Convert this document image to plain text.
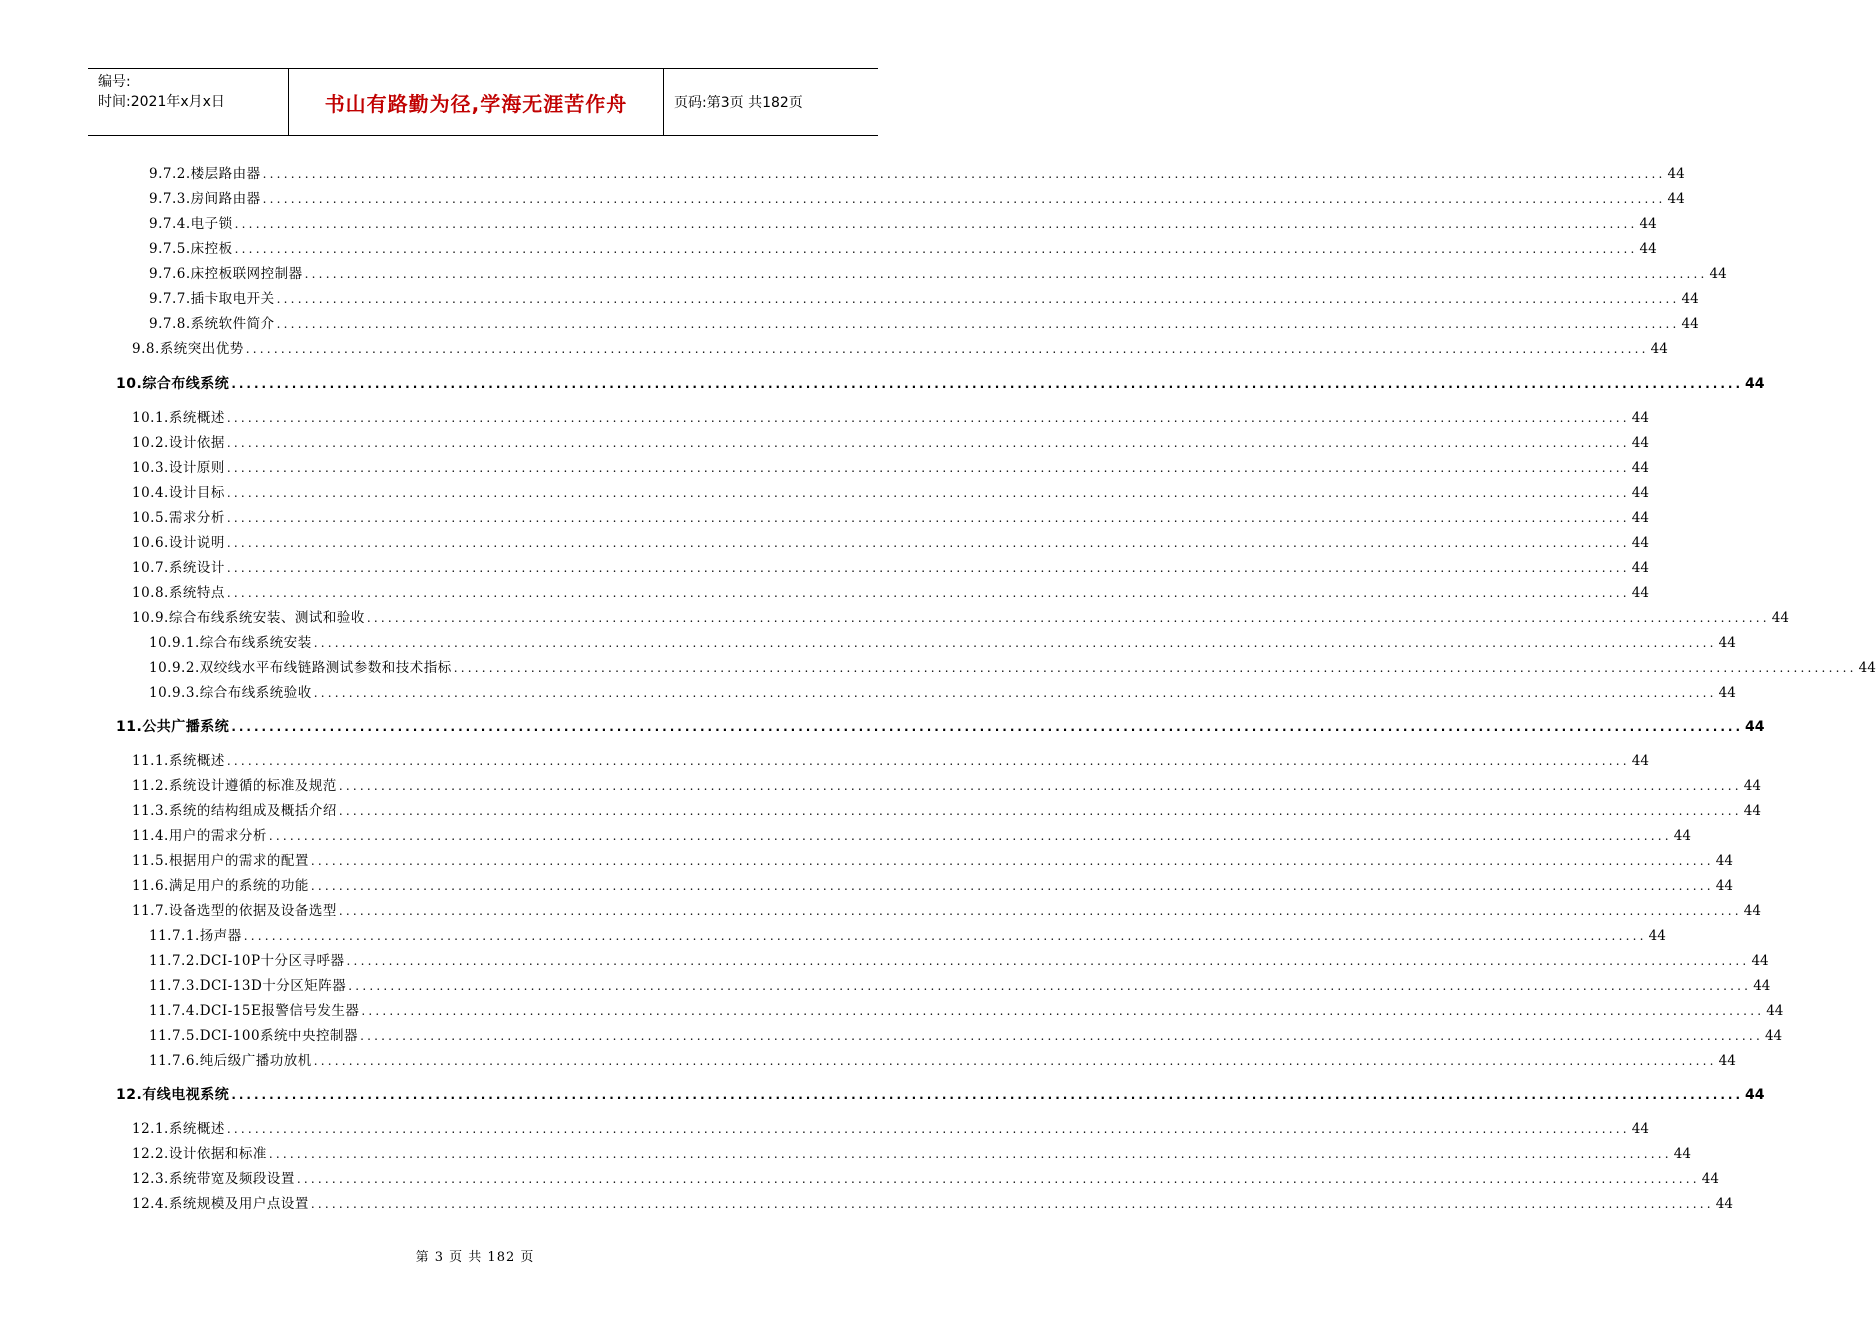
编号:
时间:2021年x月x日	书山有路勤为径,学海无涯苦作舟	页码:第3页 共182页
9.7.2. 楼层路由器 ........................................................................................................................................................................................................ 44
9.7.3. 房间路由器 ........................................................................................................................................................................................................ 44
9.7.4. 电子锁 ........................................................................................................................................................................................................ 44
9.7.5. 床控板 ........................................................................................................................................................................................................ 44
9.7.6. 床控板联网控制器 ........................................................................................................................................................................................................ 44
9.7.7. 插卡取电开关 ........................................................................................................................................................................................................ 44
9.7.8. 系统软件简介 ........................................................................................................................................................................................................ 44
9.8. 系统突出优势 ........................................................................................................................................................................................................ 44
10. 综合布线系统 ........................................................................................................................................................................................................ 44
10.1. 系统概述 ........................................................................................................................................................................................................ 44
10.2. 设计依据 ........................................................................................................................................................................................................ 44
10.3. 设计原则 ........................................................................................................................................................................................................ 44
10.4. 设计目标 ........................................................................................................................................................................................................ 44
10.5. 需求分析 ........................................................................................................................................................................................................ 44
10.6. 设计说明 ........................................................................................................................................................................................................ 44
10.7. 系统设计 ........................................................................................................................................................................................................ 44
10.8. 系统特点 ........................................................................................................................................................................................................ 44
10.9. 综合布线系统安装、测试和验收 ........................................................................................................................................................................................................ 44
10.9.1. 综合布线系统安装 ........................................................................................................................................................................................................ 44
10.9.2. 双绞线水平布线链路测试参数和技术指标 ........................................................................................................................................................................................................ 44
10.9.3. 综合布线系统验收 ........................................................................................................................................................................................................ 44
11. 公共广播系统 ........................................................................................................................................................................................................ 44
11.1. 系统概述 ........................................................................................................................................................................................................ 44
11.2. 系统设计遵循的标准及规范 ........................................................................................................................................................................................................ 44
11.3. 系统的结构组成及概括介绍 ........................................................................................................................................................................................................ 44
11.4. 用户的需求分析 ........................................................................................................................................................................................................ 44
11.5. 根据用户的需求的配置 ........................................................................................................................................................................................................ 44
11.6. 满足用户的系统的功能 ........................................................................................................................................................................................................ 44
11.7. 设备选型的依据及设备选型 ........................................................................................................................................................................................................ 44
11.7.1. 扬声器 ........................................................................................................................................................................................................ 44
11.7.2. DCI-10P十分区寻呼器 ........................................................................................................................................................................................................ 44
11.7.3. DCI-13D十分区矩阵器 ........................................................................................................................................................................................................ 44
11.7.4. DCI-15E报警信号发生器 ........................................................................................................................................................................................................ 44
11.7.5. DCI-100系统中央控制器 ........................................................................................................................................................................................................ 44
11.7.6. 纯后级广播功放机 ........................................................................................................................................................................................................ 44
12. 有线电视系统 ........................................................................................................................................................................................................ 44
12.1. 系统概述 ........................................................................................................................................................................................................ 44
12.2. 设计依据和标准 ........................................................................................................................................................................................................ 44
12.3. 系统带宽及频段设置 ........................................................................................................................................................................................................ 44
12.4. 系统规模及用户点设置 ........................................................................................................................................................................................................ 44
第 3 页 共 182 页
